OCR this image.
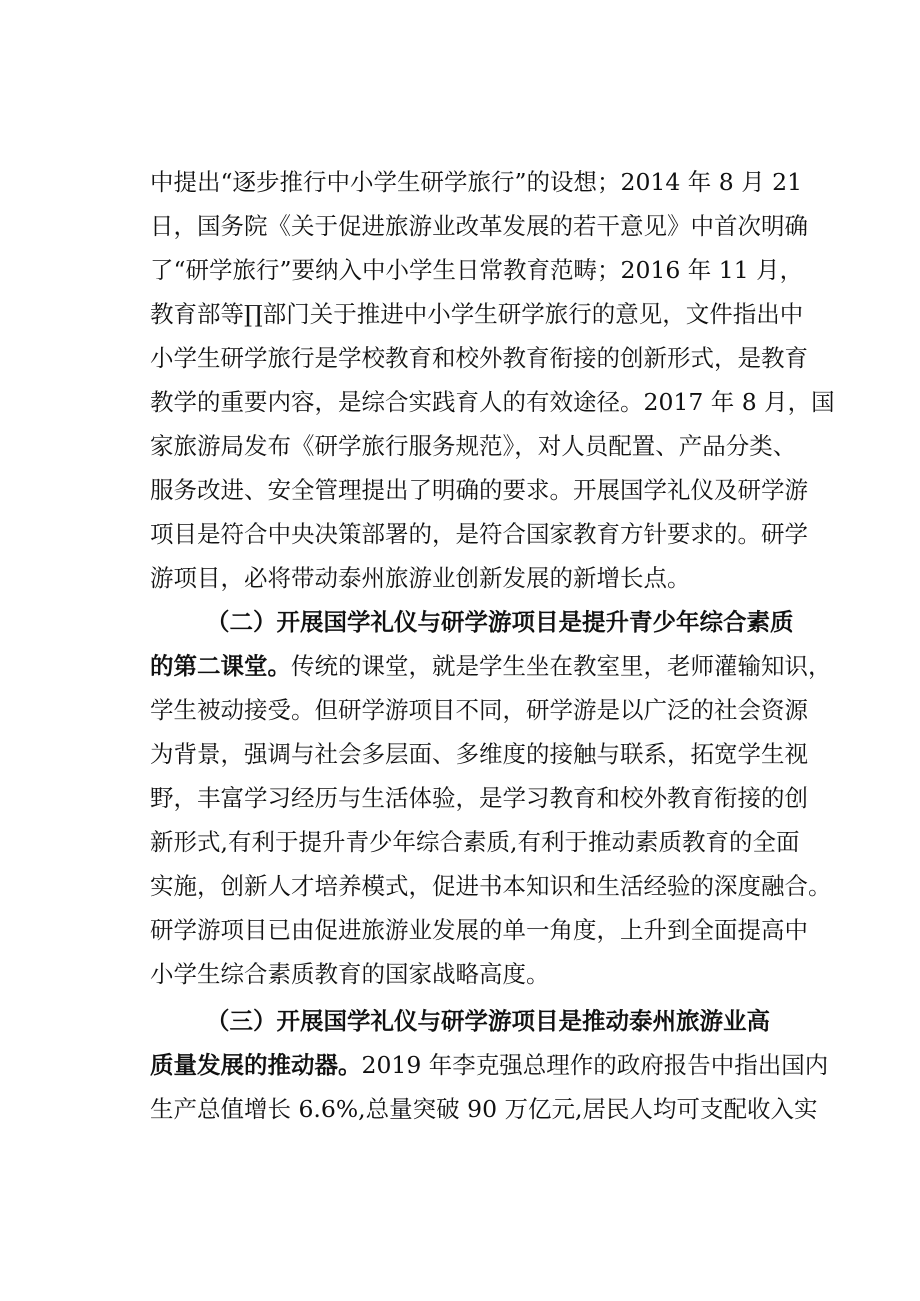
中提出“逐步推行中小学生研学旅行”的设想；2014 年 8 月 21
日，国务院《关于促进旅游业改革发展的若干意见》中首次明确
了“研学旅行”要纳入中小学生日常教育范畴；2016 年 11 月，
教育部等∏部门关于推进中小学生研学旅行的意见，文件指出中
小学生研学旅行是学校教育和校外教育衔接的创新形式，是教育
教学的重要内容，是综合实践育人的有效途径。2017 年 8 月，国
家旅游局发布《研学旅行服务规范》，对人员配置、产品分类、
服务改进、安全管理提出了明确的要求。开展国学礼仪及研学游
项目是符合中央决策部署的，是符合国家教育方针要求的。研学
游项目，必将带动泰州旅游业创新发展的新增长点。
（二）开展国学礼仪与研学游项目是提升青少年综合素质
的第二课堂。传统的课堂，就是学生坐在教室里，老师灌输知识，
学生被动接受。但研学游项目不同，研学游是以广泛的社会资源
为背景，强调与社会多层面、多维度的接触与联系，拓宽学生视
野，丰富学习经历与生活体验，是学习教育和校外教育衔接的创
新形式,有利于提升青少年综合素质,有利于推动素质教育的全面
实施，创新人才培养模式，促进书本知识和生活经验的深度融合。
研学游项目已由促进旅游业发展的单一角度，上升到全面提高中
小学生综合素质教育的国家战略高度。
（三）开展国学礼仪与研学游项目是推动泰州旅游业高
质量发展的推动器。2019 年李克强总理作的政府报告中指出国内
生产总值增长 6.6%,总量突破 90 万亿元,居民人均可支配收入实
